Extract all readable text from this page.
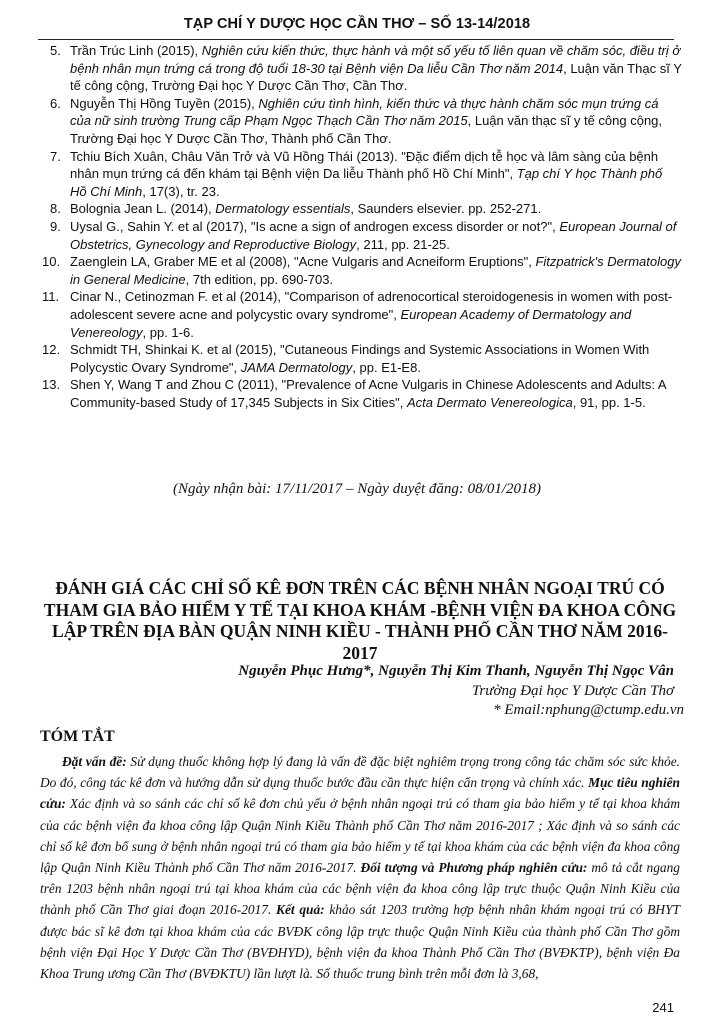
TẠP CHÍ Y DƯỢC HỌC CẦN THƠ – SỐ 13-14/2018

5. Trần Trúc Linh (2015), Nghiên cứu kiến thức, thực hành và một số yếu tố liên quan về chăm sóc, điều trị ở bệnh nhân mụn trứng cá trong độ tuổi 18-30 tại Bệnh viện Da liễu Cần Thơ năm 2014, Luận văn Thạc sĩ Y tế công cộng, Trường Đại học Y Dược Cần Thơ, Cần Thơ.

6. Nguyễn Thị Hồng Tuyền (2015), Nghiên cứu tình hình, kiến thức và thực hành chăm sóc mụn trứng cá của nữ sinh trường Trung cấp Phạm Ngọc Thạch Cần Thơ năm 2015, Luận văn thạc sĩ y tế công cộng, Trường Đại học Y Dược Cần Thơ, Thành phố Cần Thơ.

7. Tchiu Bích Xuân, Châu Văn Trở và Vũ Hồng Thái (2013). "Đặc điểm dịch tễ học và lâm sàng của bệnh nhân mụn trứng cá đến khám tại Bệnh viện Da liễu Thành phố Hồ Chí Minh", Tạp chí Y học Thành phố Hồ Chí Minh, 17(3), tr. 23.

8. Bolognia Jean L. (2014), Dermatology essentials, Saunders elsevier. pp. 252-271.

9. Uysal G., Sahin Y. et al (2017), "Is acne a sign of androgen excess disorder or not?", European Journal of Obstetrics, Gynecology and Reproductive Biology, 211, pp. 21-25.

10. Zaenglein LA, Graber ME et al (2008), "Acne Vulgaris and Acneiform Eruptions", Fitzpatrick's Dermatology in General Medicine, 7th edition, pp. 690-703.

11. Cinar N., Cetinozman F. et al (2014), "Comparison of adrenocortical steroidogenesis in women with post-adolescent severe acne and polycystic ovary syndrome", European Academy of Dermatology and Venereology, pp. 1-6.

12. Schmidt TH, Shinkai K. et al (2015), "Cutaneous Findings and Systemic Associations in Women With Polycystic Ovary Syndrome", JAMA Dermatology, pp. E1-E8.

13. Shen Y, Wang T and Zhou C (2011), "Prevalence of Acne Vulgaris in Chinese Adolescents and Adults: A Community-based Study of 17,345 Subjects in Six Cities", Acta Dermato Venereologica, 91, pp. 1-5.

(Ngày nhận bài: 17/11/2017 – Ngày duyệt đăng: 08/01/2018)
ĐÁNH GIÁ CÁC CHỈ SỐ KÊ ĐƠN TRÊN CÁC BỆNH NHÂN NGOẠI TRÚ CÓ THAM GIA BẢO HIỂM Y TẾ TẠI KHOA KHÁM -BỆNH VIỆN ĐA KHOA CÔNG LẬP TRÊN ĐỊA BÀN QUẬN NINH KIỀU - THÀNH PHỐ CẦN THƠ NĂM 2016-2017
Nguyễn Phục Hưng*, Nguyễn Thị Kim Thanh, Nguyễn Thị Ngọc Vân
Trường Đại học Y Dược Cần Thơ
* Email:nphung@ctump.edu.vn
TÓM TẮT
Đặt vấn đề: Sử dụng thuốc không hợp lý đang là vấn đề đặc biệt nghiêm trọng trong công tác chăm sóc sức khỏe. Do đó, công tác kê đơn và hướng dẫn sử dụng thuốc bước đầu cần thực hiện cẩn trọng và chính xác. Mục tiêu nghiên cứu: Xác định và so sánh các chỉ số kê đơn chủ yếu ở bệnh nhân ngoại trú có tham gia bảo hiểm y tế tại khoa khám của các bệnh viện đa khoa công lập Quận Ninh Kiều Thành phố Cần Thơ năm 2016-2017 ; Xác định và so sánh các chỉ số kê đơn bổ sung ở bệnh nhân ngoại trú có tham gia bảo hiểm y tế tại khoa khám của các bệnh viện đa khoa công lập Quận Ninh Kiều Thành phố Cần Thơ năm 2016-2017. Đối tượng và Phương pháp nghiên cứu: mô tả cắt ngang trên 1203 bệnh nhân ngoại trú tại khoa khám của các bệnh viện đa khoa công lập trực thuộc Quận Ninh Kiều của thành phố Cần Thơ giai đoạn 2016-2017. Kết quả: khảo sát 1203 trường hợp bệnh nhân khám ngoại trú có BHYT được bác sĩ kê đơn tại khoa khám của các BVĐK công lập trực thuộc Quận Ninh Kiều của thành phố Cần Thơ gồm bệnh viện Đại Học Y Dược Cần Thơ (BVĐHYD), bệnh viện đa khoa Thành Phố Cần Thơ (BVĐKTP), bệnh viện Đa Khoa Trung ương Cần Thơ (BVĐKTU) lần lượt là. Số thuốc trung bình trên mỗi đơn là 3,68,
241
